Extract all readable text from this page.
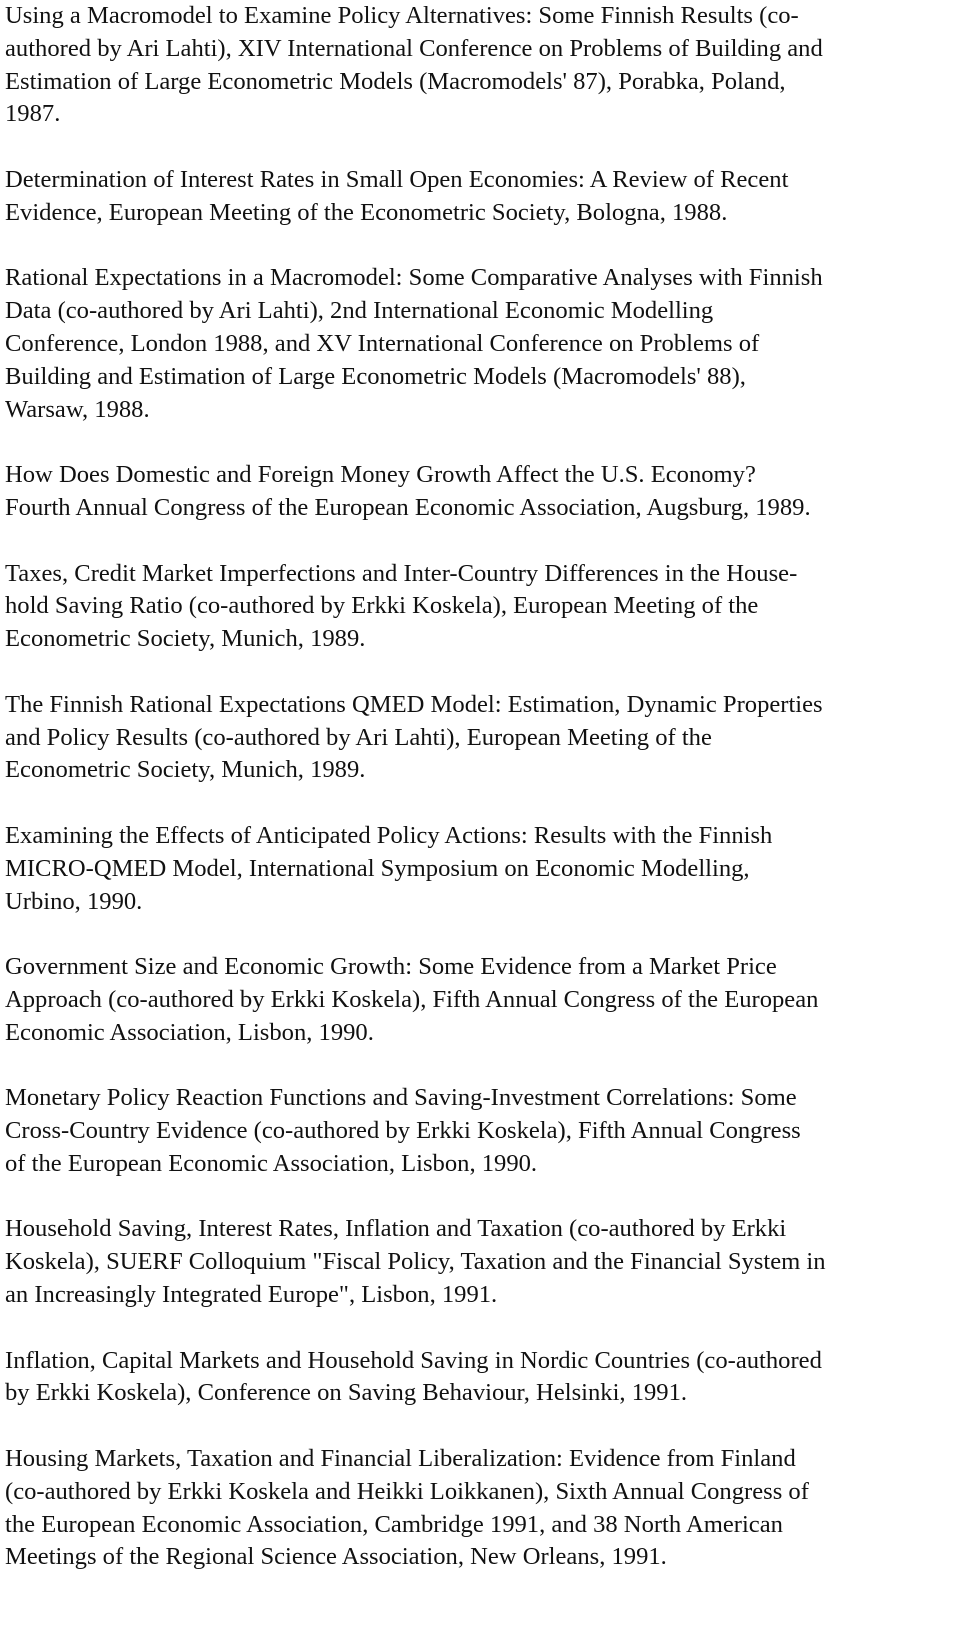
Using a Macromodel to Examine Policy Alternatives: Some Finnish Results (co-
authored by Ari Lahti), XIV International Conference on Problems of Building and
Estimation of Large Econometric Models (Macromodels' 87), Porabka, Poland,
1987.

Determination of Interest Rates in Small Open Economies: A Review of Recent
Evidence, European Meeting of the Econometric Society, Bologna, 1988.

Rational Expectations in a Macromodel: Some Comparative Analyses with Finnish
Data (co-authored by Ari Lahti), 2nd International Economic Modelling
Conference, London 1988, and XV International Conference on Problems of
Building and Estimation of Large Econometric Models (Macromodels' 88),
Warsaw, 1988.

How Does Domestic and Foreign Money Growth Affect the U.S. Economy?
Fourth Annual Congress of the European Economic Association, Augsburg, 1989.

Taxes, Credit Market Imperfections and Inter-Country Differences in the House-
hold Saving Ratio (co-authored by Erkki Koskela), European Meeting of the
Econometric Society, Munich, 1989.

The Finnish Rational Expectations QMED Model: Estimation, Dynamic Properties
and Policy Results (co-authored by Ari Lahti), European Meeting of the
Econometric Society, Munich, 1989.

Examining the Effects of Anticipated Policy Actions: Results with the Finnish
MICRO-QMED Model, International Symposium on Economic Modelling,
Urbino, 1990.

Government Size and Economic Growth: Some Evidence from a Market Price
Approach (co-authored by Erkki Koskela), Fifth Annual Congress of the European
Economic Association, Lisbon, 1990.

Monetary Policy Reaction Functions and Saving-Investment Correlations: Some
Cross-Country Evidence (co-authored by Erkki Koskela), Fifth Annual Congress
of the European Economic Association, Lisbon, 1990.

Household Saving, Interest Rates, Inflation and Taxation (co-authored by Erkki
Koskela), SUERF Colloquium "Fiscal Policy, Taxation and the Financial System in
an Increasingly Integrated Europe", Lisbon, 1991.

Inflation, Capital Markets and Household Saving in Nordic Countries (co-authored
by Erkki Koskela), Conference on Saving Behaviour, Helsinki, 1991.

Housing Markets, Taxation and Financial Liberalization: Evidence from Finland
(co-authored by Erkki Koskela and Heikki Loikkanen), Sixth Annual Congress of
the European Economic Association, Cambridge 1991, and 38 North American
Meetings of the Regional Science Association, New Orleans, 1991.
